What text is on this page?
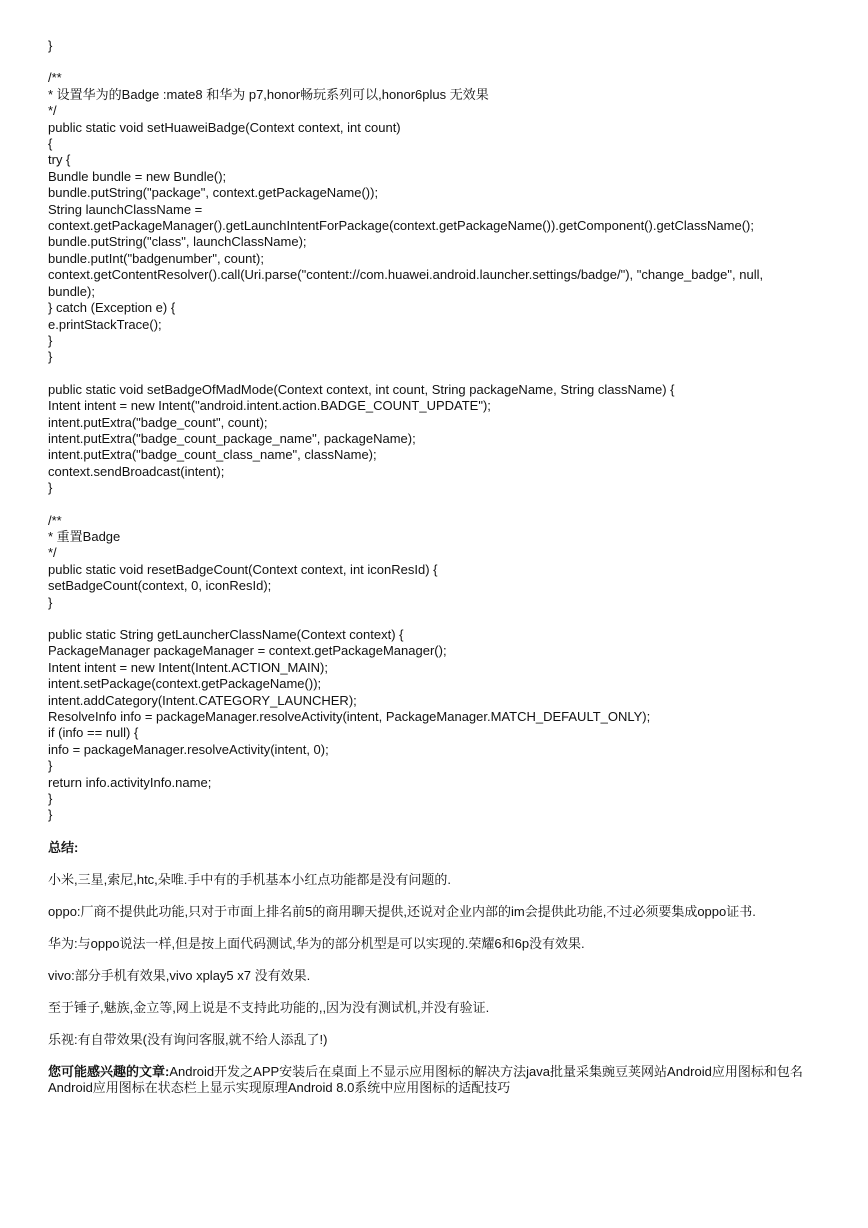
}
/**
* 设置华为的Badge :mate8 和华为 p7,honor畅玩系列可以,honor6plus 无效果
*/
public static void setHuaweiBadge(Context context, int count)
{
try {
Bundle bundle = new Bundle();
bundle.putString("package", context.getPackageName());
String launchClassName =
context.getPackageManager().getLaunchIntentForPackage(context.getPackageName()).getComponent().getClassName();
bundle.putString("class", launchClassName);
bundle.putInt("badgenumber", count);
context.getContentResolver().call(Uri.parse("content://com.huawei.android.launcher.settings/badge/"), "change_badge", null,
bundle);
} catch (Exception e) {
e.printStackTrace();
}
}
public static void setBadgeOfMadMode(Context context, int count, String packageName, String className) {
Intent intent = new Intent("android.intent.action.BADGE_COUNT_UPDATE");
intent.putExtra("badge_count", count);
intent.putExtra("badge_count_package_name", packageName);
intent.putExtra("badge_count_class_name", className);
context.sendBroadcast(intent);
}
/**
* 重置Badge
*/
public static void resetBadgeCount(Context context, int iconResId) {
setBadgeCount(context, 0, iconResId);
}
public static String getLauncherClassName(Context context) {
PackageManager packageManager = context.getPackageManager();
Intent intent = new Intent(Intent.ACTION_MAIN);
intent.setPackage(context.getPackageName());
intent.addCategory(Intent.CATEGORY_LAUNCHER);
ResolveInfo info = packageManager.resolveActivity(intent, PackageManager.MATCH_DEFAULT_ONLY);
if (info == null) {
info = packageManager.resolveActivity(intent, 0);
}
return info.activityInfo.name;
}
}
总结:
小米,三星,索尼,htc,朵唯.手中有的手机基本小红点功能都是没有问题的.
oppo:厂商不提供此功能,只对于市面上排名前5的商用聊天提供,还说对企业内部的im会提供此功能,不过必须要集成oppo证书.
华为:与oppo说法一样,但是按上面代码测试,华为的部分机型是可以实现的.荣耀6和6p没有效果.
vivo:部分手机有效果,vivo xplay5 x7 没有效果.
至于锤子,魅族,金立等,网上说是不支持此功能的,,因为没有测试机,并没有验证.
乐视:有自带效果(没有询问客服,就不给人添乱了!)
您可能感兴趣的文章:Android开发之APP安装后在桌面上不显示应用图标的解决方法java批量采集豌豆荚网站Android应用图标和包名Android应用图标在状态栏上显示实现原理Android 8.0系统中应用图标的适配技巧
